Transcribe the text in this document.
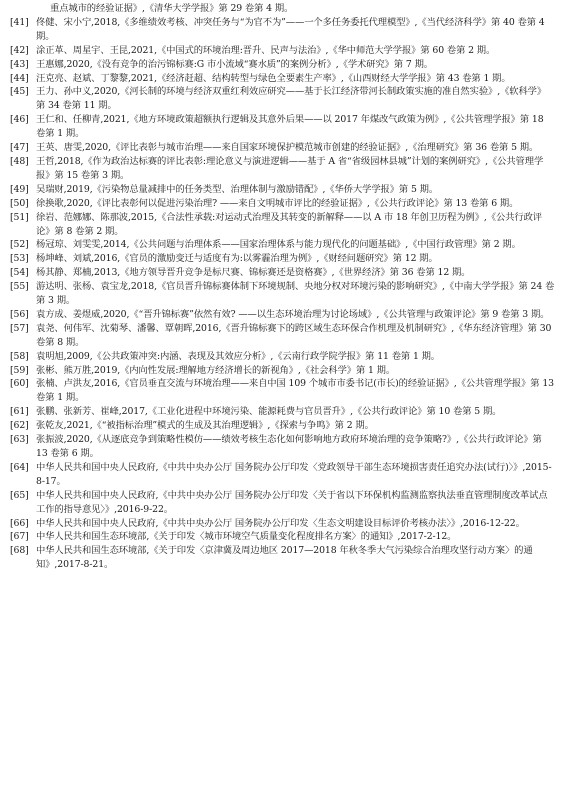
重点城市的经验证据》,《清华大学学报》第 29 卷第 4 期。
[41] 佟健、宋小宁,2018,《多维绩效考核、冲突任务与“为官不为”——一个多任务委托代理模型》,《当代经济科学》第 40 卷第 4 期。
[42] 涂正革、周星宇、王昆,2021,《中国式的环境治理:晋升、民声与法治》,《华中师范大学学报》第 60 卷第 2 期。
[43] 王惠娜,2020,《没有竞争的治污锦标赛:G 市小流域“赛水质”的案例分析》,《学术研究》第 7 期。
[44] 汪克亮、赵斌、丁黎黎,2021,《经济赶超、结构转型与绿色全要素生产率》,《山西财经大学学报》第 43 卷第 1 期。
[45] 王力、孙中义,2020,《河长制的环境与经济双重红利效应研究——基于长江经济带河长制政策实施的准自然实验》,《软科学》第 34 卷第 11 期。
[46] 王仁和、任柳青,2021,《地方环境政策超额执行逻辑及其意外后果——以 2017 年煤改气政策为例》,《公共管理学报》第 18 卷第 1 期。
[47] 王英、唐雯,2020,《评比表彰与城市治理——来自国家环境保护模范城市创建的经验证据》,《治理研究》第 36 卷第 5 期。
[48] 王哲,2018,《作为政治达标赛的评比表彰:理论意义与演进逻辑——基于 A 省“省级园林县城”计划的案例研究》,《公共管理学报》第 15 卷第 3 期。
[49] 吴瑞财,2019,《污染物总量减排中的任务类型、治理体制与激励错配》,《华侨大学学报》第 5 期。
[50] 徐换歌,2020,《评比表彰何以促进污染治理? ——来自文明城市评比的经验证据》,《公共行政评论》第 13 卷第 6 期。
[51] 徐岩、范娜娜、陈那波,2015,《合法性承载:对运动式治理及其转变的新解释——以 A 市 18 年创卫历程为例》,《公共行政评论》第 8 卷第 2 期。
[52] 杨冠琼、刘雯雯,2014,《公共问题与治理体系——国家治理体系与能力现代化的问题基础》,《中国行政管理》第 2 期。
[53] 杨坤峰、刘斌,2016,《官员的激励变迁与适度有为:以雾霾治理为例》,《财经问题研究》第 12 期。
[54] 杨其静、郑楠,2013,《地方领导晋升竞争是标尺赛、锦标赛还是资格赛》,《世界经济》第 36 卷第 12 期。
[55] 游达明、张杨、袁宝龙,2018,《官员晋升锦标赛体制下环境规制、央地分权对环境污染的影响研究》,《中南大学学报》第 24 卷第 3 期。
[56] 袁方成、姜煜威,2020,《“晋升锦标赛”依然有效? ——以生态环境治理为讨论场域》,《公共管理与政策评论》第 9 卷第 3 期。
[57] 袁尧、何伟军、沈菊琴、潘馨、覃朝晖,2016,《晋升锦标赛下的跨区域生态环保合作机理及机制研究》,《华东经济管理》第 30 卷第 8 期。
[58] 袁明旭,2009,《公共政策冲突:内涵、表现及其效应分析》,《云南行政学院学报》第 11 卷第 1 期。
[59] 张彬、熊万胜,2019,《内向性发展:理解地方经济增长的新视角》,《社会科学》第 1 期。
[60] 张楠、卢洪友,2016,《官员垂直交流与环境治理——来自中国 109 个城市市委书记(市长)的经验证据》,《公共管理学报》第 13 卷第 1 期。
[61] 张鹏、张新芳、崔峰,2017,《工业化进程中环境污染、能源耗费与官员晋升》,《公共行政评论》第 10 卷第 5 期。
[62] 张乾友,2021,《“被指标治理”模式的生成及其治理逻辑》,《探索与争鸣》第 2 期。
[63] 张振波,2020,《从逐底竞争到策略性模仿——绩效考核生态化如何影响地方政府环境治理的竞争策略?》,《公共行政评论》第 13 卷第 6 期。
[64] 中华人民共和国中央人民政府,《中共中央办公厅 国务院办公厅印发〈党政领导干部生态环境损害责任追究办法(试行)〉》,2015-8-17。
[65] 中华人民共和国中央人民政府,《中共中央办公厅 国务院办公厅印发〈关于省以下环保机构监测监察执法垂直管理制度改革试点工作的指导意见〉》,2016-9-22。
[66] 中华人民共和国中央人民政府,《中共中央办公厅 国务院办公厅印发〈生态文明建设目标评价考核办法〉》,2016-12-22。
[67] 中华人民共和国生态环境部,《关于印发〈城市环境空气质量变化程度排名方案〉的通知》,2017-2-12。
[68] 中华人民共和国生态环境部,《关于印发〈京津冀及周边地区 2017—2018 年秋冬季大气污染综合治理攻坚行动方案〉的通知》,2017-8-21。
